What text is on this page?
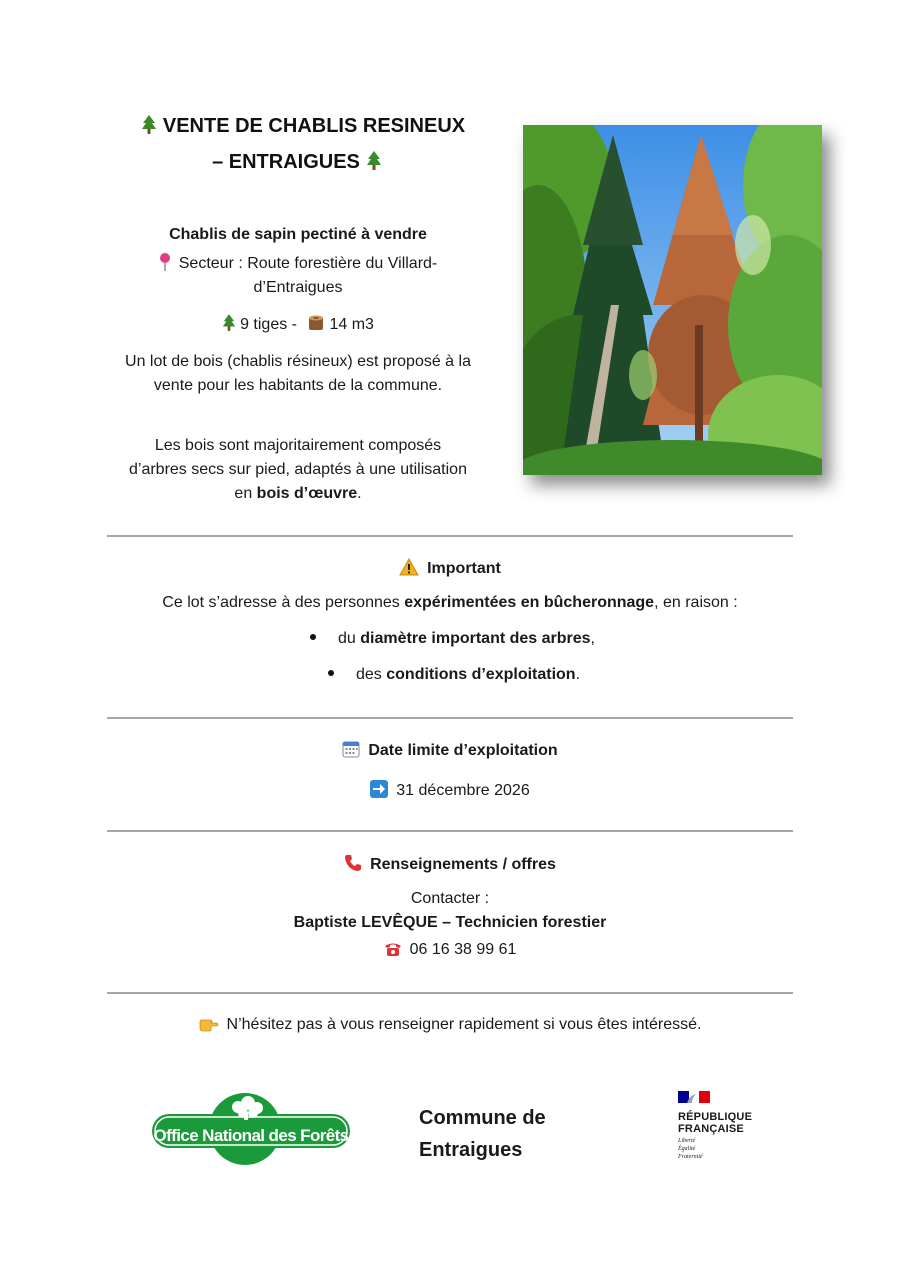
VENTE DE CHABLIS RESINEUX
– ENTRAIGUES
Chablis de sapin pectiné à vendre
Secteur : Route forestière du Villard-
d’Entraigues
9 tiges - 14 m3
Un lot de bois (chablis résineux) est proposé à la
vente pour les habitants de la commune.
Les bois sont majoritairement composés
d’arbres secs sur pied, adaptés à une utilisation
en bois d’œuvre.
Important
Ce lot s’adresse à des personnes expérimentées en bûcheronnage, en raison :
du diamètre important des arbres,
des conditions d’exploitation.
Date limite d’exploitation
31 décembre 2026
Renseignements / offres
Contacter :
Baptiste LEVÊQUE – Technicien forestier
06 16 38 99 61
N’hésitez pas à vous renseigner rapidement si vous êtes intéressé.
Office National des Forêts
Commune de
Entraigues
RÉPUBLIQUE
FRANÇAISE
Liberté
Égalité
Fraternité
